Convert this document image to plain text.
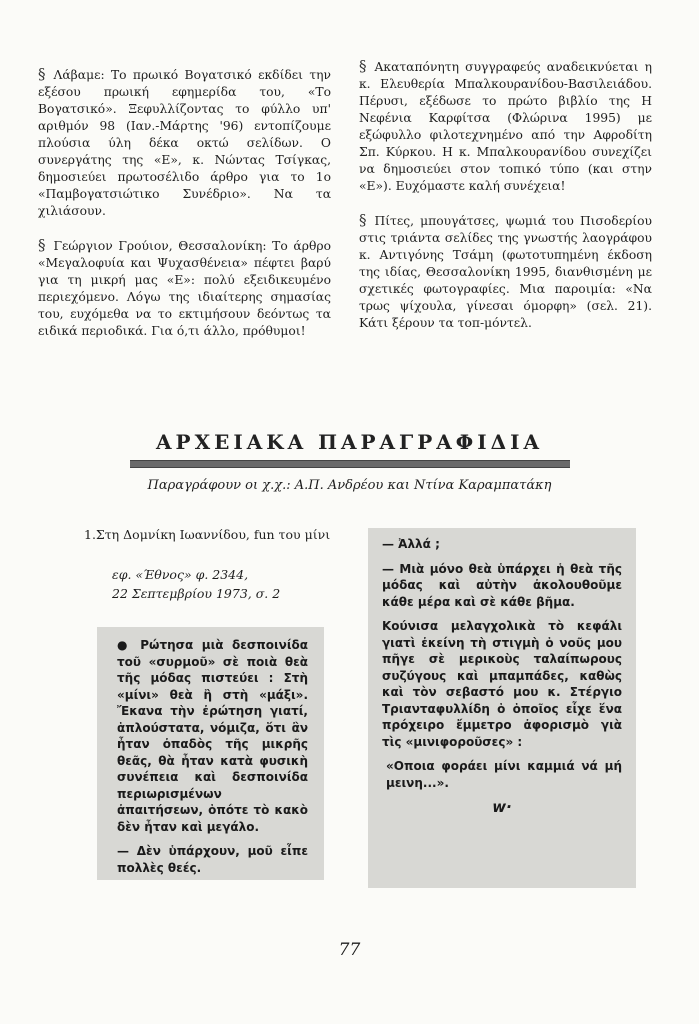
§ Λάβαμε: Το πρωικό Βογατσικό εκδίδει την εξέσου πρωική εφημερίδα του, «Το Βογατσικό». Ξεφυλλίζοντας το φύλλο υπ' αριθμόν 98 (Ιαν.-Μάρτης '96) εντοπίζουμε πλούσια ύλη δέκα οκτώ σελίδων. Ο συνεργάτης της «Ε», κ. Νώντας Τσίγκας, δημοσιεύει πρωτοσέλιδο άρθρο για το 1ο «Παμβογατσιώτικο Συνέδριο». Να τα χιλιάσουν.

§ Γεώργιον Γρούιον, Θεσσαλονίκη: Το άρθρο «Μεγαλοφυία και Ψυχασθένεια» πέφτει βαρύ για τη μικρή μας «Ε»: πολύ εξειδικευμένο περιεχόμενο. Λόγω της ιδιαίτερης σημασίας του, ευχόμεθα να το εκτιμήσουν δεόντως τα ειδικά περιοδικά. Για ό,τι άλλο, πρόθυμοι!

§ Ακαταπόνητη συγγραφεύς αναδεικνύεται η κ. Ελευθερία Μπαλκουρανίδου-Βασιλειάδου. Πέρυσι, εξέδωσε το πρώτο βιβλίο της Η Νεφένια Καρφίτσα (Φλώρινα 1995) με εξώφυλλο φιλοτεχνημένο από την Αφροδίτη Σπ. Κύρκου. Η κ. Μπαλκουρανίδου συνεχίζει να δημοσιεύει στον τοπικό τύπο (και στην «Ε»). Ευχόμαστε καλή συνέχεια!

§ Πίτες, μπουγάτσες, ψωμιά του Πισοδερίου στις τριάντα σελίδες της γνωστής λαογράφου κ. Αντιγόνης Τσάμη (φωτοτυπημένη έκδοση της ιδίας, Θεσσαλονίκη 1995, διανθισμένη με σχετικές φωτογραφίες. Μια παροιμία: «Να τρως ψίχουλα, γίνεσαι όμορφη» (σελ. 21). Κάτι ξέρουν τα τοπ-μόντελ.

ΑΡΧΕΙΑΚΑ ΠΑΡΑΓΡΑΦΙΔΙΑ
Παραγράφουν οι χ.χ.: Α.Π. Ανδρέου και Ντίνα Καραμπατάκη
1.Στη Δομνίκη Ιωαννίδου, fun του μίνι
εφ. «Έθνος» φ. 2344,
22 Σεπτεμβρίου 1973, σ. 2

● Ρώτησα μιὰ δεσποινίδα τοῦ «συρμοῦ» σὲ ποιὰ θεὰ τῆς μόδας πιστεύει : Στὴ «μίνι» θεὰ ἢ στὴ «μάξι». Ἔκανα τὴν ἐρώτηση γιατί, ἁπλούστατα, νόμιζα, ὅτι ἂν ἦταν ὀπαδὸς τῆς μικρῆς θεᾶς, θὰ ἦταν κατὰ φυσικὴ συνέπεια καὶ δεσποινίδα περιωρισμένων ἀπαιτήσεων, ὁπότε τὸ κακὸ δὲν ἦταν καὶ μεγάλο.

— Δὲν ὑπάρχουν, μοῦ εἶπε πολλὲς θεές.

— Ἀλλά ;

— Μιὰ μόνο θεὰ ὑπάρχει ἡ θεὰ τῆς μόδας καὶ αὐτὴν ἀκολουθοῦμε κάθε μέρα καὶ σὲ κάθε βῆμα.

Κούνισα μελαγχολικὰ τὸ κεφάλι γιατὶ ἐκείνη τὴ στιγμὴ ὁ νοῦς μου πῆγε σὲ μερικοὺς ταλαίπωρους συζύγους καὶ μπαμπάδες, καθὼς καὶ τὸν σεβαστό μου κ. Στέργιο Τριανταφυλλίδη ὁ ὁποῖος εἶχε ἕνα πρόχειρο ἔμμετρο ἀφορισμὸ γιὰ τὶς «μινιφοροῦσες» :

«Οποια φοράει μίνι καμμιά νά μή μεινη...».

w·
77
